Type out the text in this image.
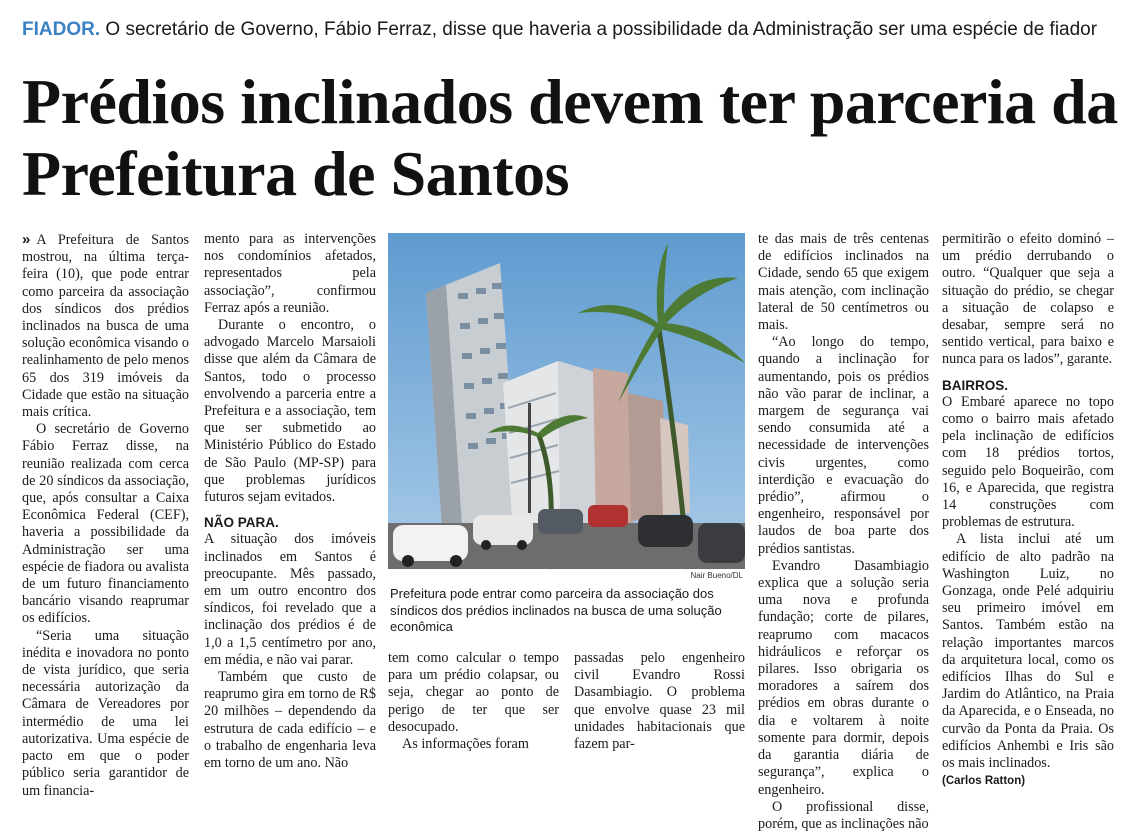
FIADOR. O secretário de Governo, Fábio Ferraz, disse que haveria a possibilidade da Administração ser uma espécie de fiador
Prédios inclinados devem ter parceria da Prefeitura de Santos

» A Prefeitura de Santos mostrou, na última terça-feira (10), que pode entrar como parceira da associação dos síndicos dos prédios inclinados na busca de uma solução econômica visando o realinhamento de pelo menos 65 dos 319 imóveis da Cidade que estão na situação mais crítica.

O secretário de Governo Fábio Ferraz disse, na reunião realizada com cerca de 20 síndicos da associação, que, após consultar a Caixa Econômica Federal (CEF), haveria a possibilidade da Administração ser uma espécie de fiadora ou avalista de um futuro financiamento bancário visando reaprumar os edifícios.

“Seria uma situação inédita e inovadora no ponto de vista jurídico, que seria necessária autorização da Câmara de Vereadores por intermédio de uma lei autorizativa. Uma espécie de pacto em que o poder público seria garantidor de um financia-

mento para as intervenções nos condomínios afetados, representados pela associação”, confirmou Ferraz após a reunião.

Durante o encontro, o advogado Marcelo Marsaioli disse que além da Câmara de Santos, todo o processo envolvendo a parceria entre a Prefeitura e a associação, tem que ser submetido ao Ministério Público do Estado de São Paulo (MP-SP) para que problemas jurídicos futuros sejam evitados.

NÃO PARA.

A situação dos imóveis inclinados em Santos é preocupante. Mês passado, em um outro encontro dos síndicos, foi revelado que a inclinação dos prédios é de 1,0 a 1,5 centímetro por ano, em média, e não vai parar.

Também que custo de reaprumo gira em torno de R$ 20 milhões – dependendo da estrutura de cada edifício – e o trabalho de engenharia leva em torno de um ano. Não

Nair Bueno/DL
Prefeitura pode entrar como parceira da associação dos síndicos dos prédios inclinados na busca de uma solução econômica

tem como calcular o tempo para um prédio colapsar, ou seja, chegar ao ponto de perigo de ter que ser desocupado.

As informações foram

passadas pelo engenheiro civil Evandro Rossi Dasambiagio. O problema que envolve quase 23 mil unidades habitacionais que fazem par-

te das mais de três centenas de edifícios inclinados na Cidade, sendo 65 que exigem mais atenção, com inclinação lateral de 50 centímetros ou mais.

“Ao longo do tempo, quando a inclinação for aumentando, pois os prédios não vão parar de inclinar, a margem de segurança vai sendo consumida até a necessidade de intervenções civis urgentes, como interdição e evacuação do prédio”, afirmou o engenheiro, responsável por laudos de boa parte dos prédios santistas.

Evandro Dasambiagio explica que a solução seria uma nova e profunda fundação; corte de pilares, reaprumo com macacos hidráulicos e reforçar os pilares. Isso obrigaria os moradores a saírem dos prédios em obras durante o dia e voltarem à noite somente para dormir, depois da garantia diária de segurança”, explica o engenheiro.

O profissional disse, porém, que as inclinações não

permitirão o efeito dominó – um prédio derrubando o outro. “Qualquer que seja a situação do prédio, se chegar a situação de colapso e desabar, sempre será no sentido vertical, para baixo e nunca para os lados”, garante.

BAIRROS.

O Embaré aparece no topo como o bairro mais afetado pela inclinação de edifícios com 18 prédios tortos, seguido pelo Boqueirão, com 16, e Aparecida, que registra 14 construções com problemas de estrutura.

A lista inclui até um edifício de alto padrão na Washington Luiz, no Gonzaga, onde Pelé adquiriu seu primeiro imóvel em Santos. Também estão na relação importantes marcos da arquitetura local, como os edifícios Ilhas do Sul e Jardim do Atlântico, na Praia da Aparecida, e o Enseada, no curvão da Ponta da Praia. Os edifícios Anhembi e Iris são os mais inclinados.

(Carlos Ratton)
